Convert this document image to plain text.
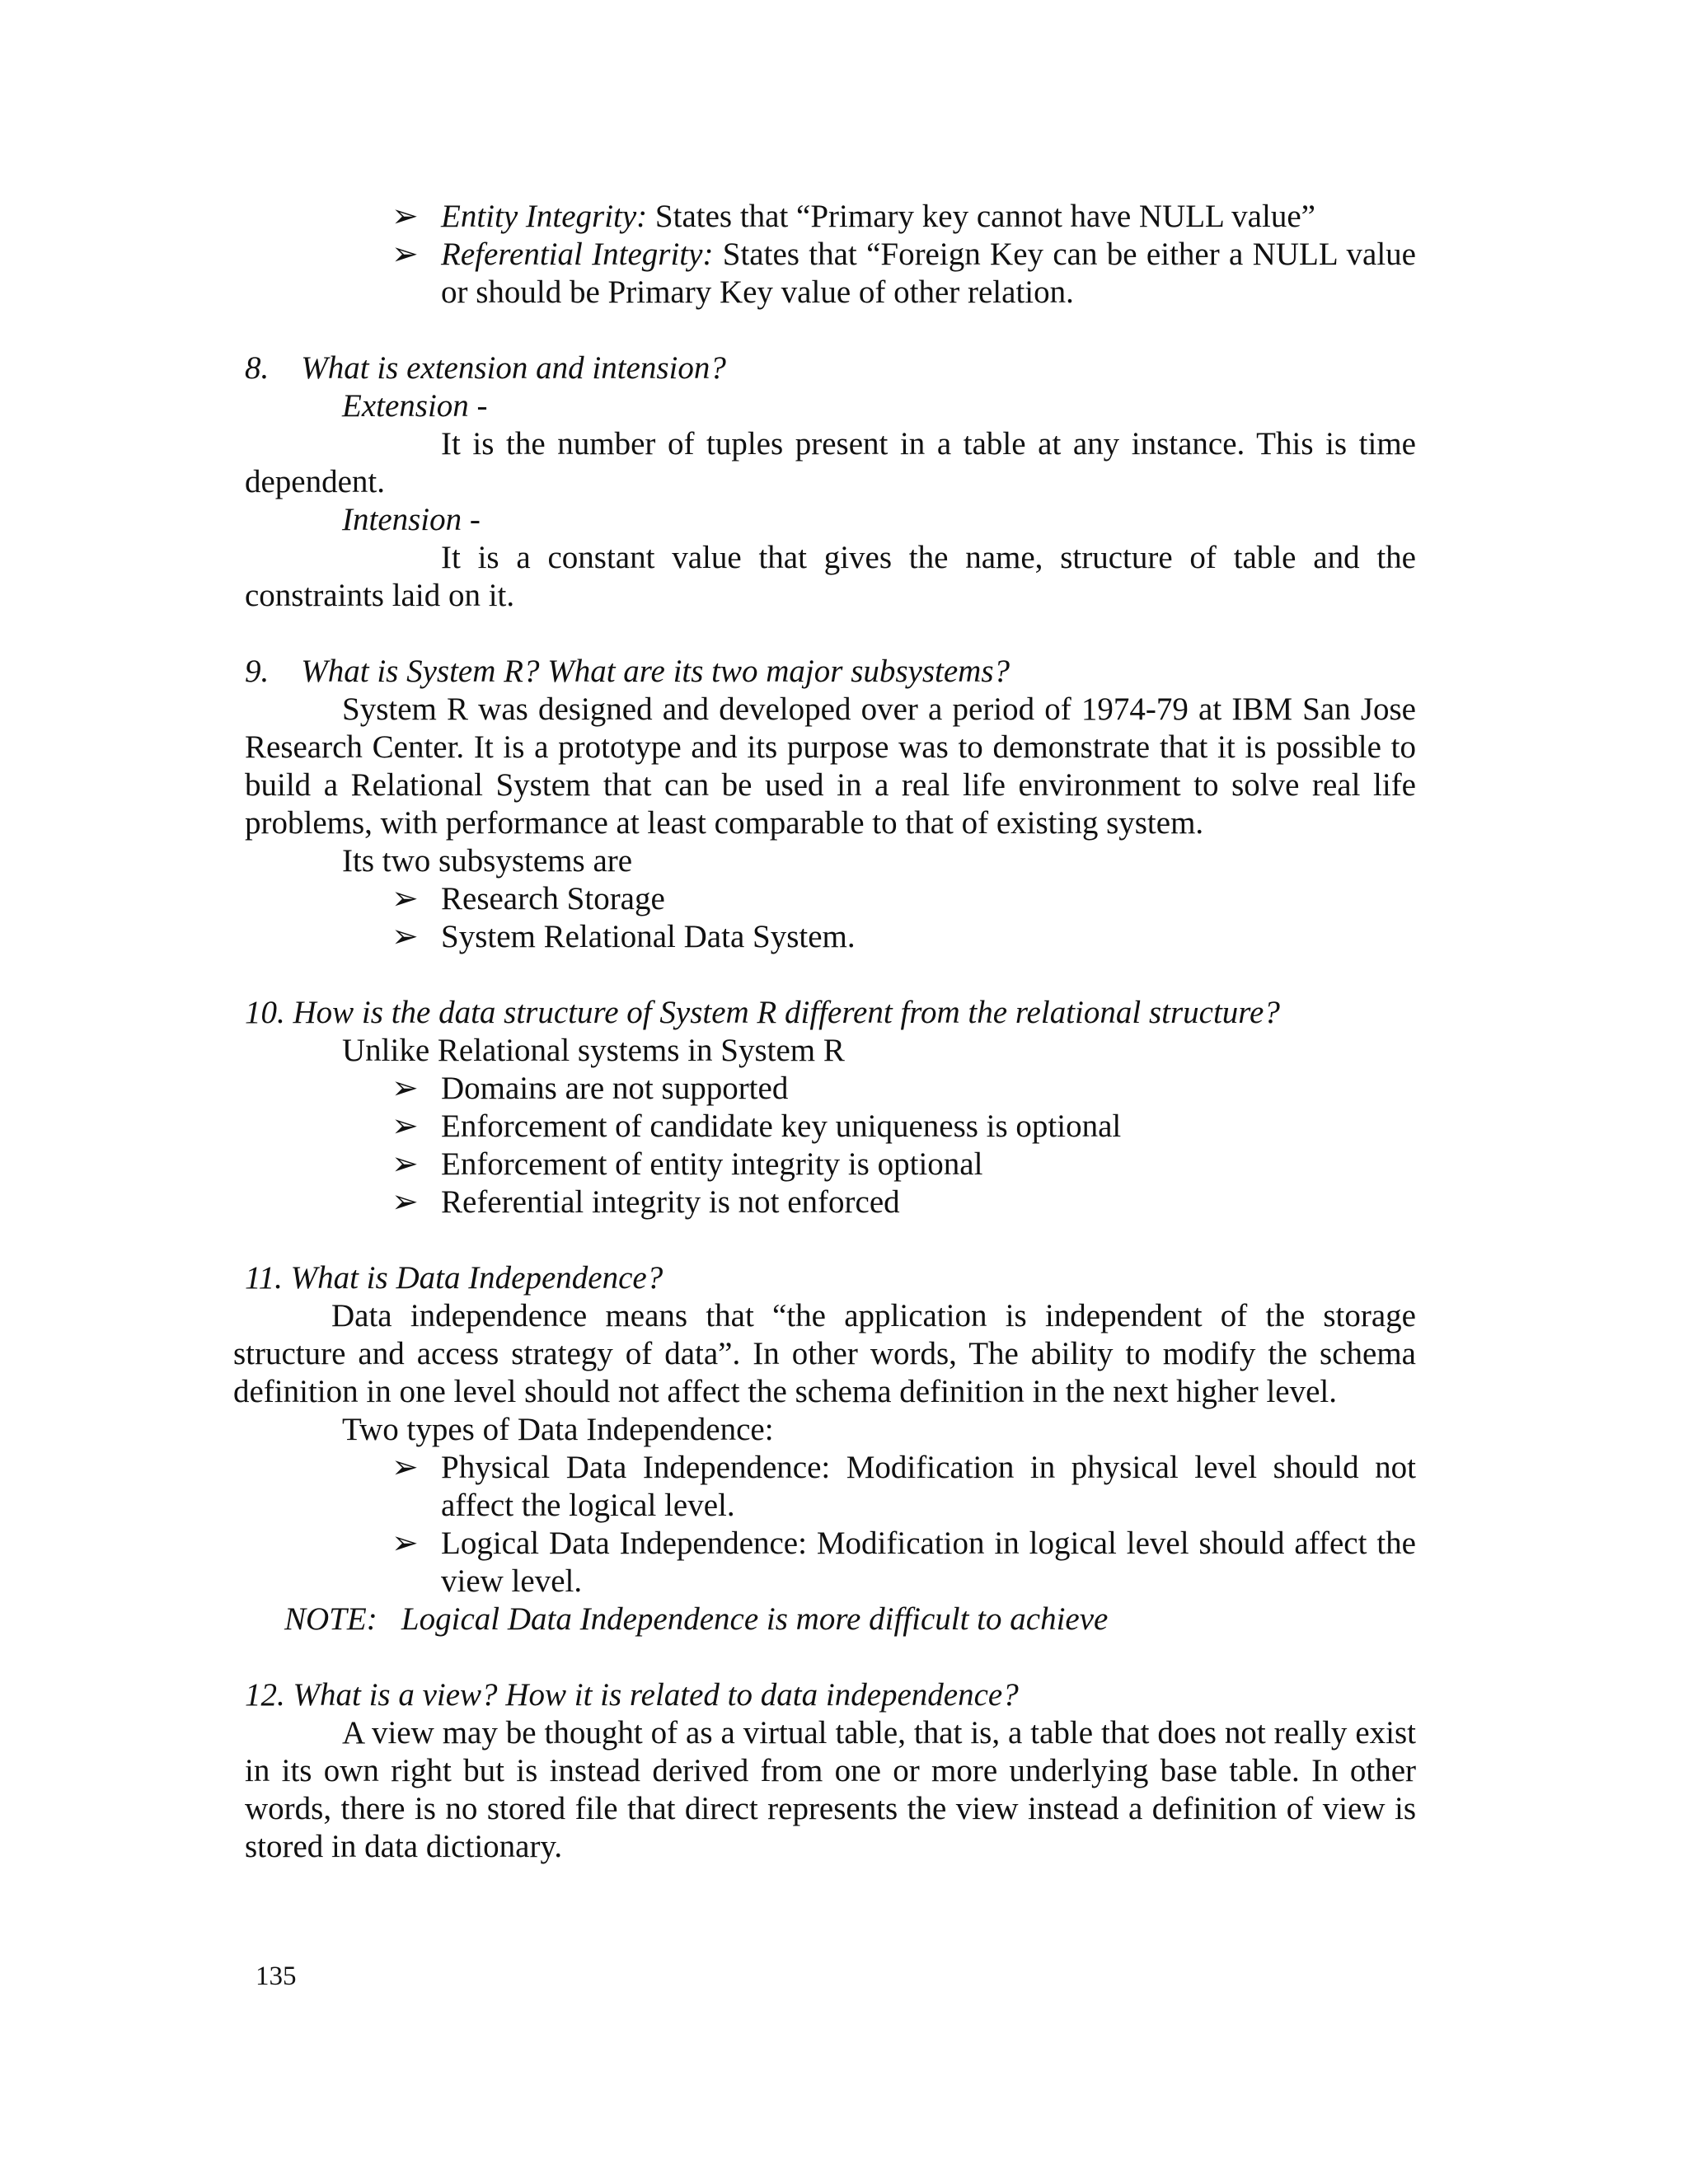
➢ Entity Integrity: States that “Primary key cannot have NULL value”
➢ Referential Integrity: States that “Foreign Key can be either a NULL value
or should be Primary Key value of other relation.
8. What is extension and intension?
Extension -
It is the number of tuples present in a table at any instance. This is time
dependent.
Intension -
It is a constant value that gives the name, structure of table and the
constraints laid on it.
9. What is System R? What are its two major subsystems?
System R was designed and developed over a period of 1974-79 at IBM San Jose
Research Center. It is a prototype and its purpose was to demonstrate that it is possible to
build a Relational System that can be used in a real life environment to solve real life
problems, with performance at least comparable to that of existing system.
Its two subsystems are
➢ Research Storage
➢ System Relational Data System.
10. How is the data structure of System R different from the relational structure?
Unlike Relational systems in System R
➢ Domains are not supported
➢ Enforcement of candidate key uniqueness is optional
➢ Enforcement of entity integrity is optional
➢ Referential integrity is not enforced
11. What is Data Independence?
Data independence means that “the application is independent of the storage
structure and access strategy of data”. In other words, The ability to modify the schema
definition in one level should not affect the schema definition in the next higher level.
Two types of Data Independence:
➢ Physical Data Independence: Modification in physical level should not
affect the logical level.
➢ Logical Data Independence: Modification in logical level should affect the
view level.
NOTE:  Logical Data Independence is more difficult to achieve
12. What is a view? How it is related to data independence?
A view may be thought of as a virtual table, that is, a table that does not really exist
in its own right but is instead derived from one or more underlying base table. In other
words, there is no stored file that direct represents the view instead a definition of view is
stored in data dictionary.
135
